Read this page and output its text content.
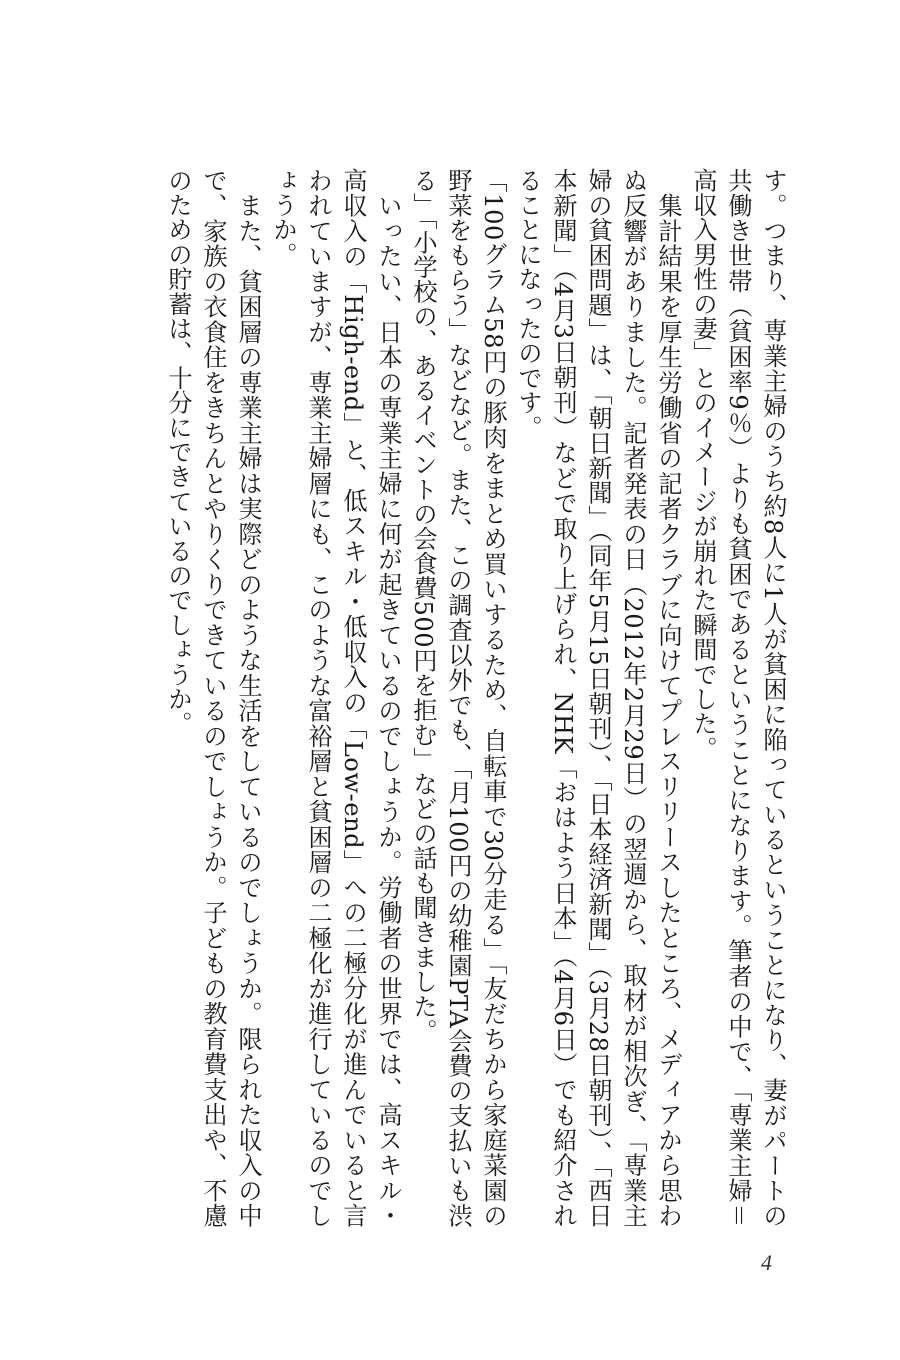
す。つまり、専業主婦のうち約8人に1人が貧困に陥っているということになり、妻がパートの共働き世帯（貧困率9％）よりも貧困であるということになります。筆者の中で、「専業主婦＝高収入男性の妻」とのイメージが崩れた瞬間でした。

　集計結果を厚生労働省の記者クラブに向けてプレスリリースしたところ、メディアから思わぬ反響がありました。記者発表の日（2012年2月29日）の翌週から、取材が相次ぎ、「専業主婦の貧困問題」は、「朝日新聞」（同年5月15日朝刊）、「日本経済新聞」（3月28日朝刊）、「西日本新聞」（4月3日朝刊）などで取り上げられ、NHK「おはよう日本」（4月6日）でも紹介されることになったのです。

「100グラム58円の豚肉をまとめ買いするため、自転車で30分走る」「友だちから家庭菜園の野菜をもらう」などなど。また、この調査以外でも、「月100円の幼稚園PTA会費の支払いも渋る」「小学校の、あるイベントの会食費500円を拒む」などの話も聞きました。

　いったい、日本の専業主婦に何が起きているのでしょうか。労働者の世界では、高スキル・高収入の「High-end」と、低スキル・低収入の「Low-end」への二極分化が進んでいると言われていますが、専業主婦層にも、このような富裕層と貧困層の二極化が進行しているのでしょうか。

　また、貧困層の専業主婦は実際どのような生活をしているのでしょうか。限られた収入の中で、家族の衣食住をきちんとやりくりできているのでしょうか。子どもの教育費支出や、不慮のための貯蓄は、十分にできているのでしょうか。

4
